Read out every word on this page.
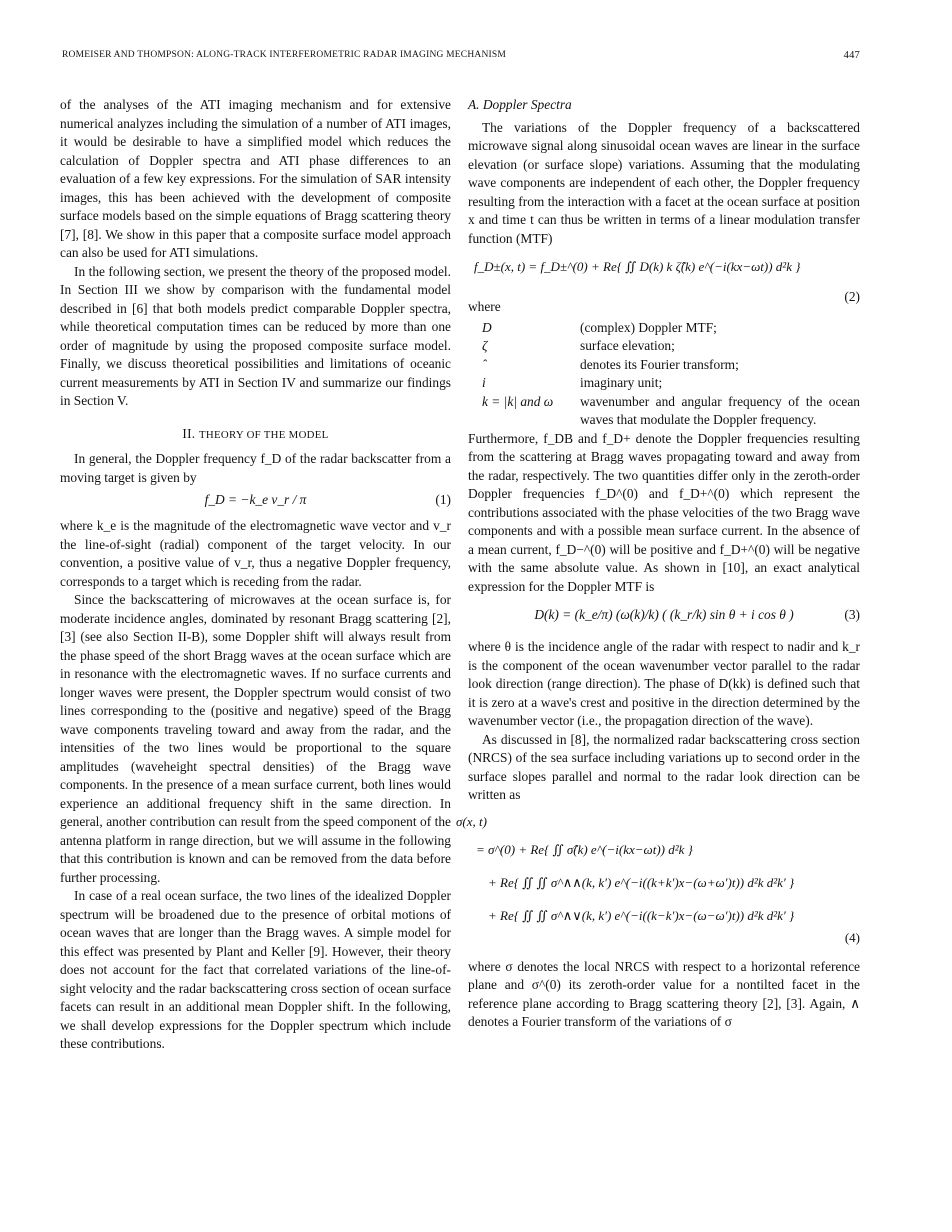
ROMEISER AND THOMPSON: ALONG-TRACK INTERFEROMETRIC RADAR IMAGING MECHANISM	447

of the analyses of the ATI imaging mechanism and for extensive numerical analyzes including the simulation of a number of ATI images, it would be desirable to have a simplified model which reduces the calculation of Doppler spectra and ATI phase differences to an evaluation of a few key expressions. For the simulation of SAR intensity images, this has been achieved with the development of composite surface models based on the simple equations of Bragg scattering theory [7], [8]. We show in this paper that a composite surface model approach can also be used for ATI simulations.

In the following section, we present the theory of the proposed model. In Section III we show by comparison with the fundamental model described in [6] that both models predict comparable Doppler spectra, while theoretical computation times can be reduced by more than one order of magnitude by using the proposed composite surface model. Finally, we discuss theoretical possibilities and limitations of oceanic current measurements by ATI in Section IV and summarize our findings in Section V.

II. THEORY OF THE MODEL

In general, the Doppler frequency f_D of the radar backscatter from a moving target is given by

f_D = −k_e v_r / π	(1)

where k_e is the magnitude of the electromagnetic wave vector and v_r the line-of-sight (radial) component of the target velocity. In our convention, a positive value of v_r, thus a negative Doppler frequency, corresponds to a target which is receding from the radar.

Since the backscattering of microwaves at the ocean surface is, for moderate incidence angles, dominated by resonant Bragg scattering [2], [3] (see also Section II-B), some Doppler shift will always result from the phase speed of the short Bragg waves at the ocean surface which are in resonance with the electromagnetic waves. If no surface currents and longer waves were present, the Doppler spectrum would consist of two lines corresponding to the (positive and negative) speed of the Bragg wave components traveling toward and away from the radar, and the intensities of the two lines would be proportional to the square amplitudes (waveheight spectral densities) of the Bragg wave components. In the presence of a mean surface current, both lines would experience an additional frequency shift in the same direction. In general, another contribution can result from the speed component of the antenna platform in range direction, but we will assume in the following that this contribution is known and can be removed from the data before further processing.

In case of a real ocean surface, the two lines of the idealized Doppler spectrum will be broadened due to the presence of orbital motions of ocean waves that are longer than the Bragg waves. A simple model for this effect was presented by Plant and Keller [9]. However, their theory does not account for the fact that correlated variations of the line-of-sight velocity and the radar backscattering cross section of ocean surface facets can result in an additional mean Doppler shift. In the following, we shall develop expressions for the Doppler spectrum which include these contributions.

A. Doppler Spectra

The variations of the Doppler frequency of a backscattered microwave signal along sinusoidal ocean waves are linear in the surface elevation (or surface slope) variations. Assuming that the modulating wave components are independent of each other, the Doppler frequency resulting from the interaction with a facet at the ocean surface at position x and time t can thus be written in terms of a linear modulation transfer function (MTF)

f_D±(x, t) = f_D±^(0) + Re{ ∬ D(k) k ζ̂(k) e^(−i(kx−ωt)) d²k }
(2)

where

D	(complex) Doppler MTF;
ζ	surface elevation;
ˆ	denotes its Fourier transform;
i	imaginary unit;
k = |k| and ω	wavenumber and angular frequency of the ocean waves that modulate the Doppler frequency.

Furthermore, f_DB and f_D+ denote the Doppler frequencies resulting from the scattering at Bragg waves propagating toward and away from the radar, respectively. The two quantities differ only in the zeroth-order Doppler frequencies f_D^(0) and f_D+^(0) which represent the contributions associated with the phase velocities of the two Bragg wave components and with a possible mean surface current. In the absence of a mean current, f_D−^(0) will be positive and f_D+^(0) will be negative with the same absolute value. As shown in [10], an exact analytical expression for the Doppler MTF is

D(k) = (k_e/π) (ω(k)/k) ( (k_r/k) sin θ + i cos θ )	(3)

where θ is the incidence angle of the radar with respect to nadir and k_r is the component of the ocean wavenumber vector parallel to the radar look direction (range direction). The phase of D(kk) is defined such that it is zero at a wave's crest and positive in the direction determined by the wavenumber vector (i.e., the propagation direction of the wave).

As discussed in [8], the normalized radar backscattering cross section (NRCS) of the sea surface including variations up to second order in the surface slopes parallel and normal to the radar look direction can be written as

σ(x, t)
= σ^(0) + Re{ ∬ σ̂(k) e^(−i(kx−ωt)) d²k }
+ Re{ ∬ ∬ σ^∧∧(k, k′) e^(−i((k+k′)x−(ω+ω′)t)) d²k d²k′ }
+ Re{ ∬ ∬ σ^∧∨(k, k′) e^(−i((k−k′)x−(ω−ω′)t)) d²k d²k′ }
(4)

where σ denotes the local NRCS with respect to a horizontal reference plane and σ^(0) its zeroth-order value for a nontilted facet in the reference plane according to Bragg scattering theory [2], [3]. Again, ∧ denotes a Fourier transform of the variations of σ
